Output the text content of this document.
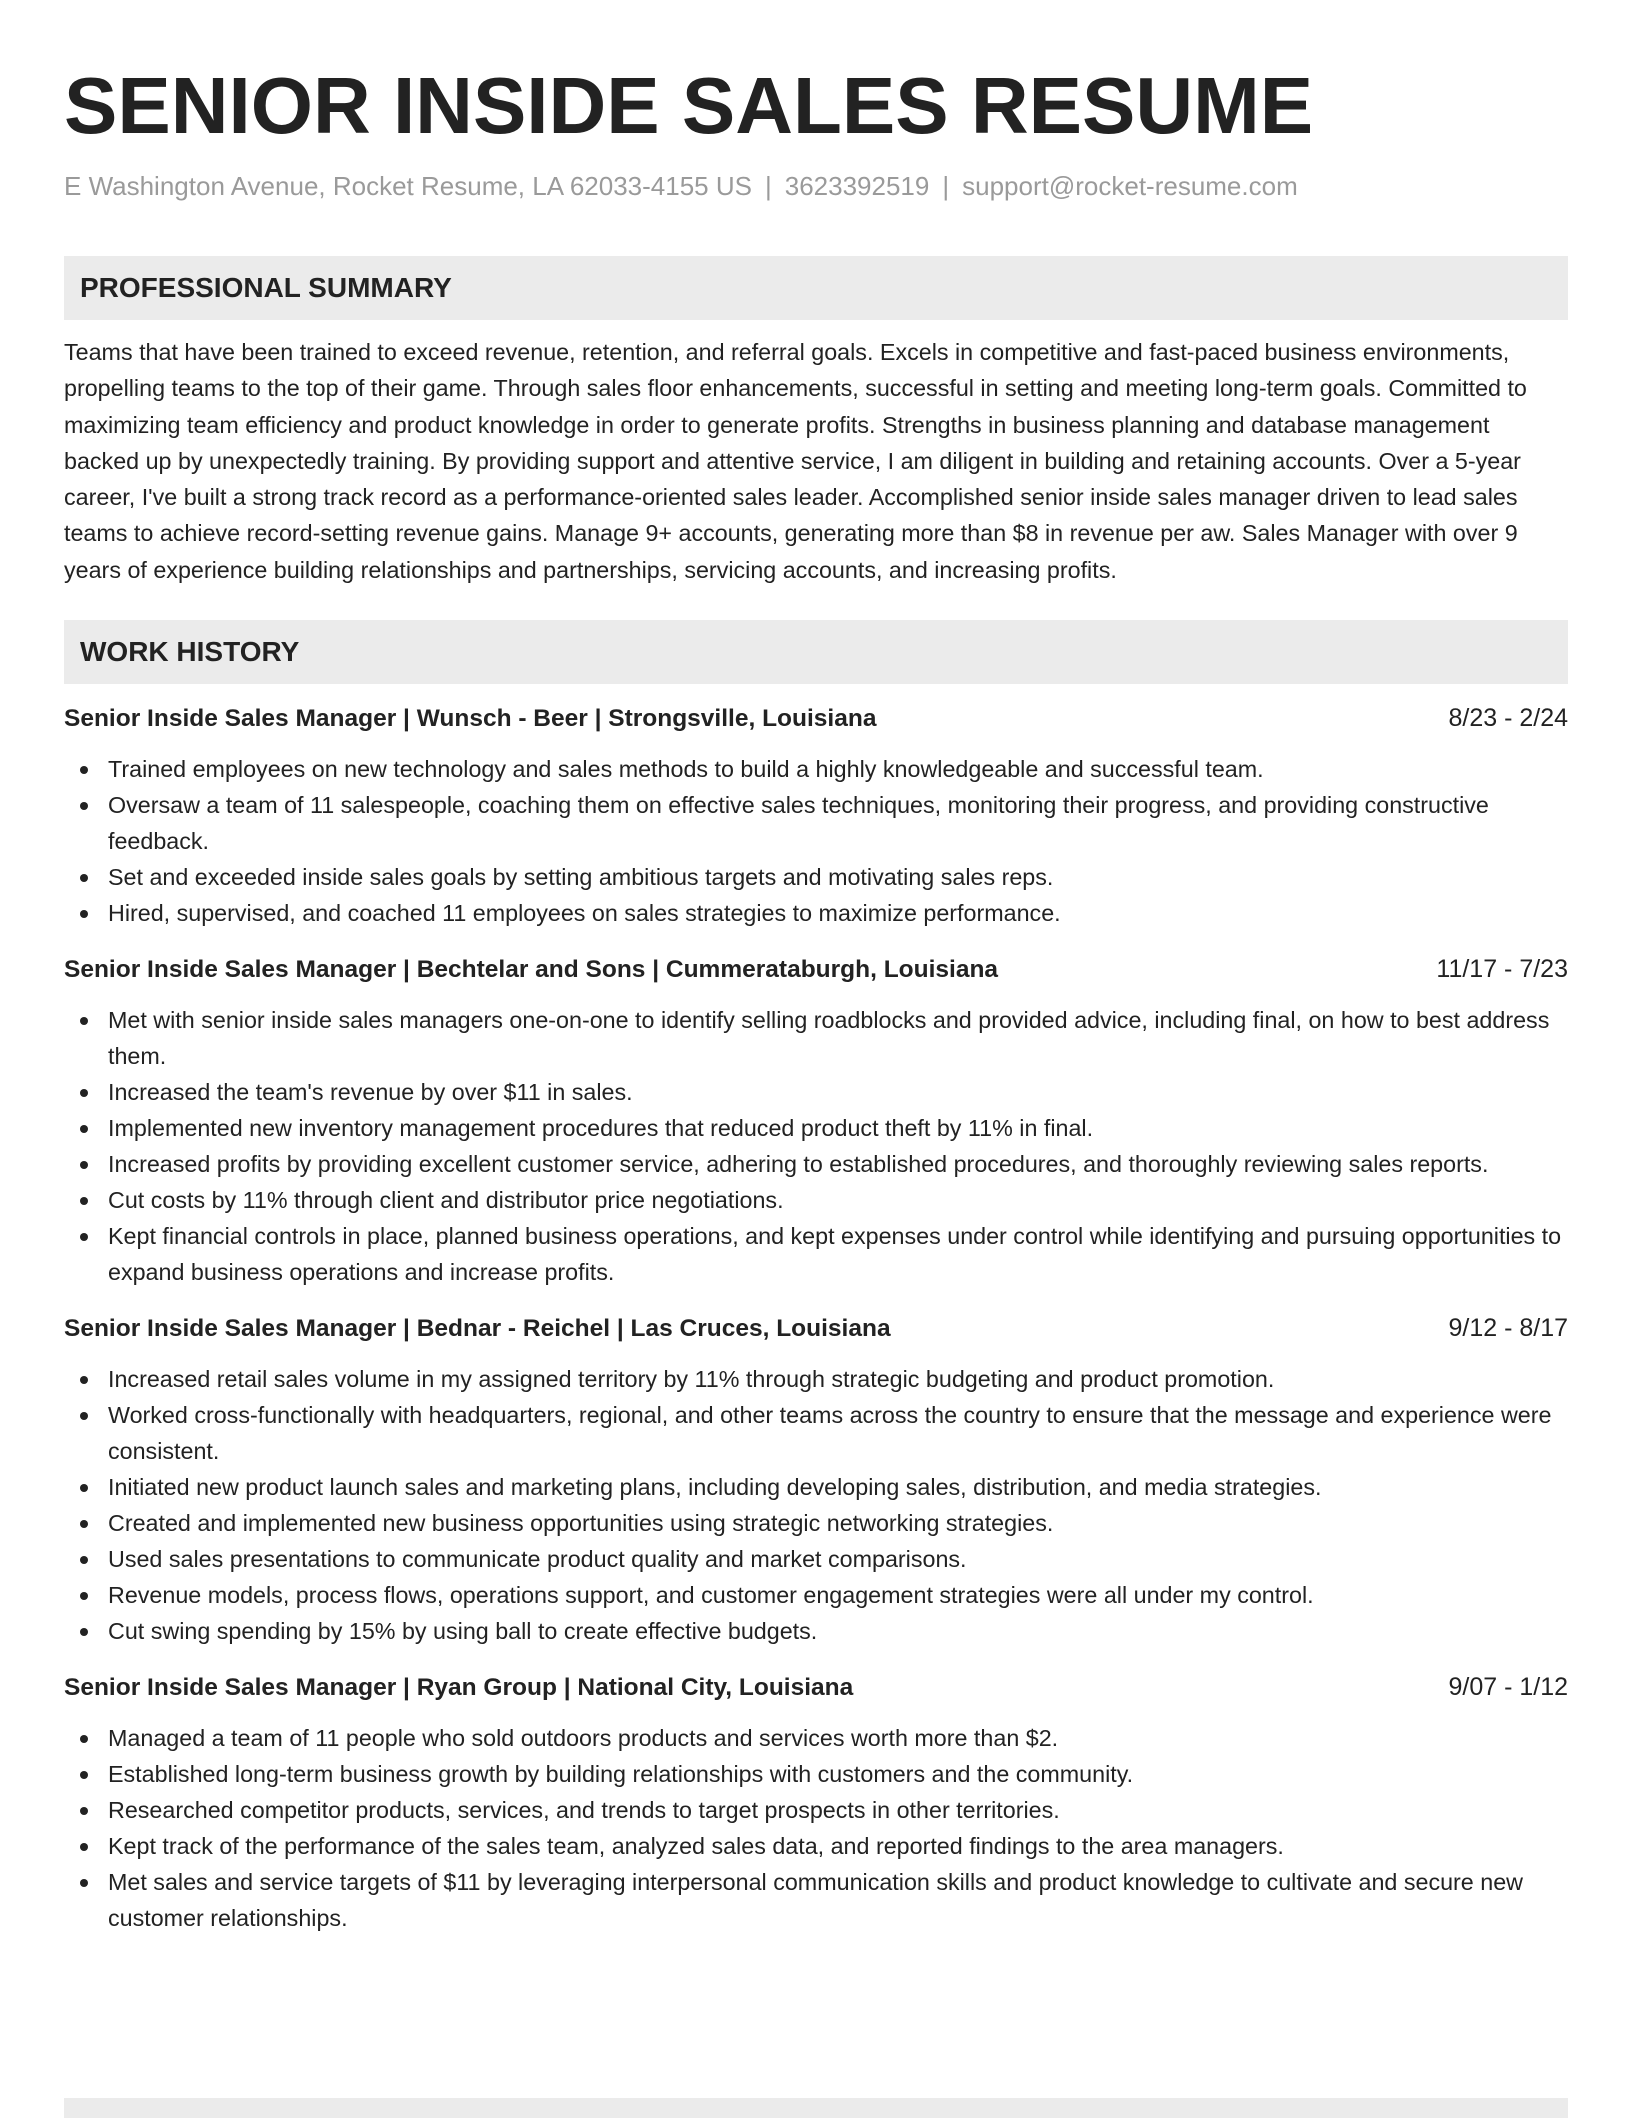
SENIOR INSIDE SALES RESUME
E Washington Avenue, Rocket Resume, LA 62033-4155 US | 3623392519 | support@rocket-resume.com
PROFESSIONAL SUMMARY
Teams that have been trained to exceed revenue, retention, and referral goals. Excels in competitive and fast-paced business environments, propelling teams to the top of their game. Through sales floor enhancements, successful in setting and meeting long-term goals. Committed to maximizing team efficiency and product knowledge in order to generate profits. Strengths in business planning and database management backed up by unexpectedly training. By providing support and attentive service, I am diligent in building and retaining accounts. Over a 5-year career, I've built a strong track record as a performance-oriented sales leader. Accomplished senior inside sales manager driven to lead sales teams to achieve record-setting revenue gains. Manage 9+ accounts, generating more than $8 in revenue per aw. Sales Manager with over 9 years of experience building relationships and partnerships, servicing accounts, and increasing profits.
WORK HISTORY
Senior Inside Sales Manager | Wunsch - Beer | Strongsville, Louisiana	8/23 - 2/24
Trained employees on new technology and sales methods to build a highly knowledgeable and successful team.
Oversaw a team of 11 salespeople, coaching them on effective sales techniques, monitoring their progress, and providing constructive feedback.
Set and exceeded inside sales goals by setting ambitious targets and motivating sales reps.
Hired, supervised, and coached 11 employees on sales strategies to maximize performance.
Senior Inside Sales Manager | Bechtelar and Sons | Cummerataburgh, Louisiana	11/17 - 7/23
Met with senior inside sales managers one-on-one to identify selling roadblocks and provided advice, including final, on how to best address them.
Increased the team's revenue by over $11 in sales.
Implemented new inventory management procedures that reduced product theft by 11% in final.
Increased profits by providing excellent customer service, adhering to established procedures, and thoroughly reviewing sales reports.
Cut costs by 11% through client and distributor price negotiations.
Kept financial controls in place, planned business operations, and kept expenses under control while identifying and pursuing opportunities to expand business operations and increase profits.
Senior Inside Sales Manager | Bednar - Reichel | Las Cruces, Louisiana	9/12 - 8/17
Increased retail sales volume in my assigned territory by 11% through strategic budgeting and product promotion.
Worked cross-functionally with headquarters, regional, and other teams across the country to ensure that the message and experience were consistent.
Initiated new product launch sales and marketing plans, including developing sales, distribution, and media strategies.
Created and implemented new business opportunities using strategic networking strategies.
Used sales presentations to communicate product quality and market comparisons.
Revenue models, process flows, operations support, and customer engagement strategies were all under my control.
Cut swing spending by 15% by using ball to create effective budgets.
Senior Inside Sales Manager | Ryan Group | National City, Louisiana	9/07 - 1/12
Managed a team of 11 people who sold outdoors products and services worth more than $2.
Established long-term business growth by building relationships with customers and the community.
Researched competitor products, services, and trends to target prospects in other territories.
Kept track of the performance of the sales team, analyzed sales data, and reported findings to the area managers.
Met sales and service targets of $11 by leveraging interpersonal communication skills and product knowledge to cultivate and secure new customer relationships.
